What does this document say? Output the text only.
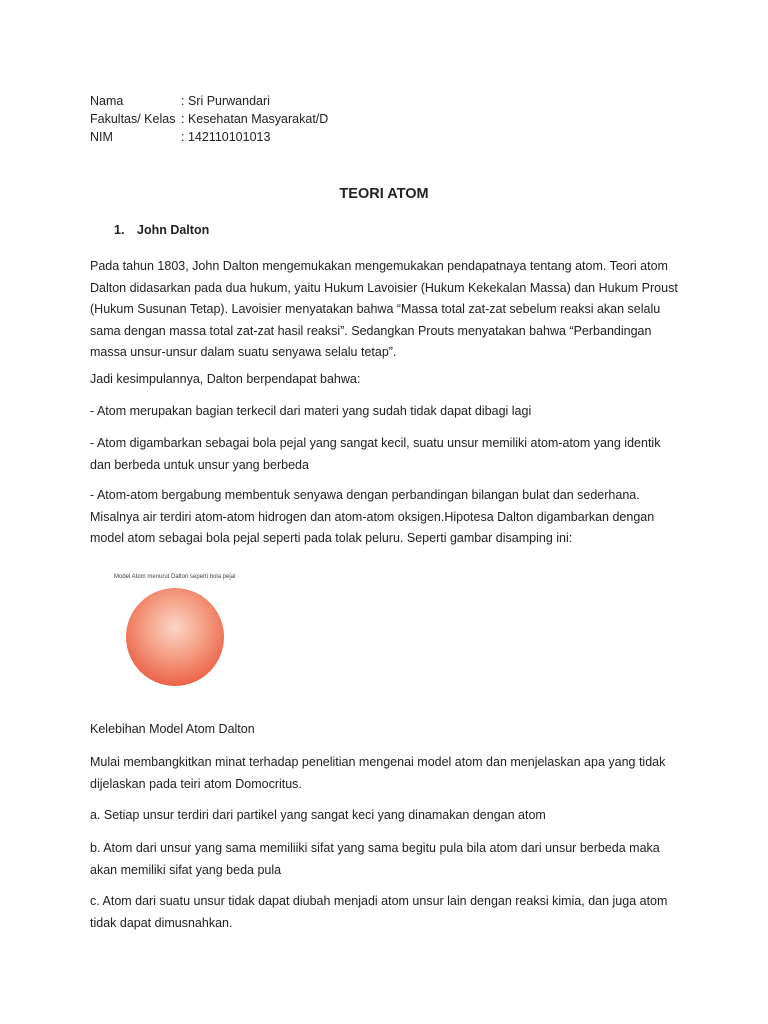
Nama	: Sri Purwandari
Fakultas/ Kelas : Kesehatan Masyarakat/D
NIM	: 142110101013
TEORI ATOM
1. John Dalton

Pada tahun 1803, John Dalton mengemukakan mengemukakan pendapatnaya tentang atom. Teori atom Dalton didasarkan pada dua hukum, yaitu Hukum Lavoisier (Hukum Kekekalan Massa) dan Hukum Proust (Hukum Susunan Tetap). Lavoisier menyatakan bahwa “Massa total zat-zat sebelum reaksi akan selalu sama dengan massa total zat-zat hasil reaksi”. Sedangkan Prouts menyatakan bahwa “Perbandingan massa unsur-unsur dalam suatu senyawa selalu tetap”.

Jadi kesimpulannya, Dalton berpendapat bahwa:

- Atom merupakan bagian terkecil dari materi yang sudah tidak dapat dibagi lagi

- Atom digambarkan sebagai bola pejal yang sangat kecil, suatu unsur memiliki atom-atom yang identik dan berbeda untuk unsur yang berbeda

- Atom-atom bergabung membentuk senyawa dengan perbandingan bilangan bulat dan sederhana. Misalnya air terdiri atom-atom hidrogen dan atom-atom oksigen.Hipotesa Dalton digambarkan dengan model atom sebagai bola pejal seperti pada tolak peluru. Seperti gambar disamping ini:

Model Atom menurut Dalton seperti bola pejal

Kelebihan Model Atom Dalton

Mulai membangkitkan minat terhadap penelitian mengenai model atom dan menjelaskan apa yang tidak dijelaskan pada teiri atom Domocritus.

a. Setiap unsur terdiri dari partikel yang sangat keci yang dinamakan dengan atom

b. Atom dari unsur yang sama memiliiki sifat yang sama begitu pula bila atom dari unsur berbeda maka akan memiliki sifat yang beda pula

c. Atom dari suatu unsur tidak dapat diubah menjadi atom unsur lain dengan reaksi kimia, dan juga atom tidak dapat dimusnahkan.
